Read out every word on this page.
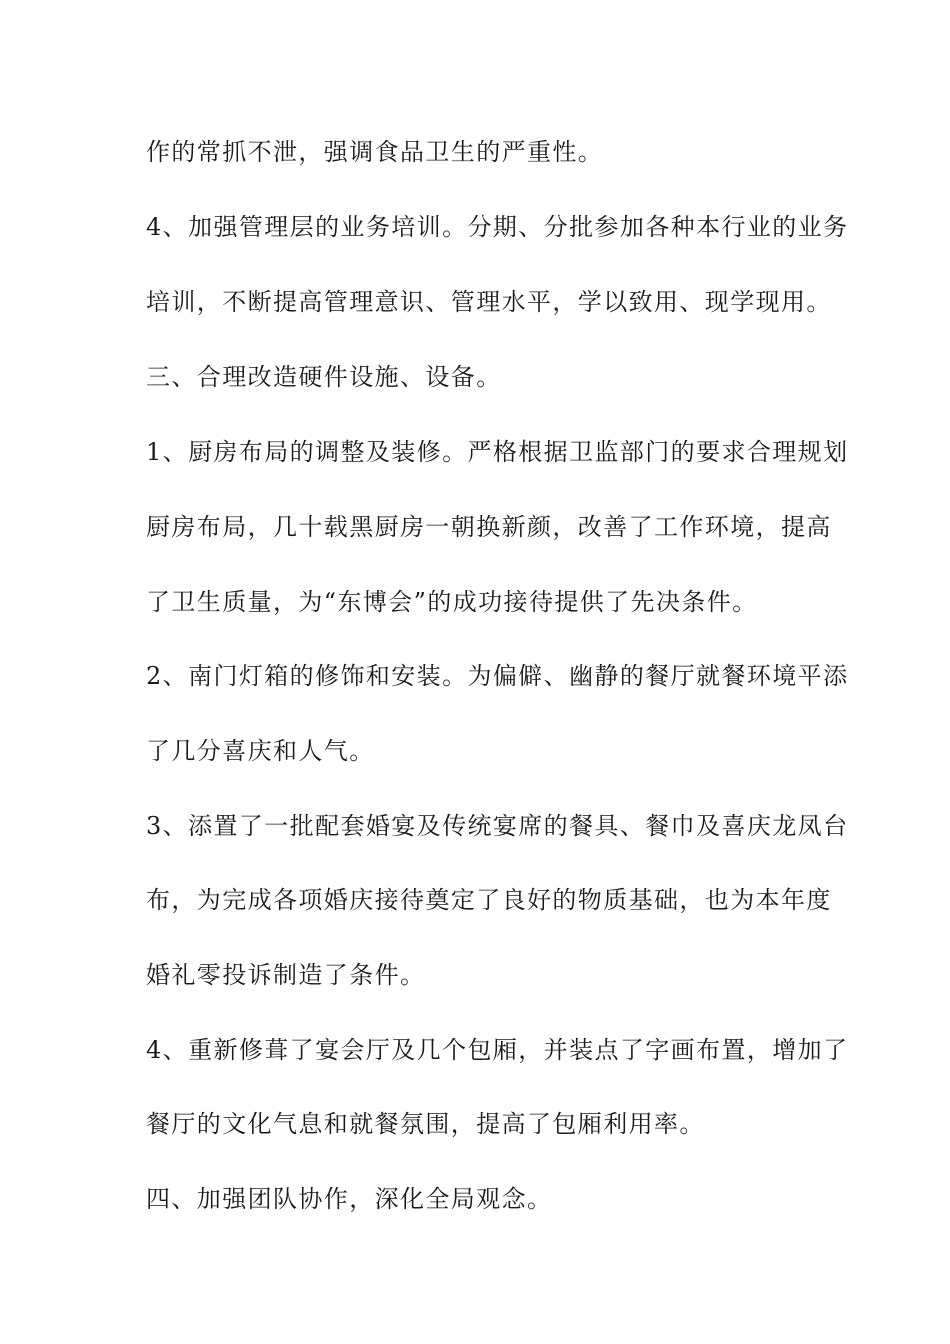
作的常抓不泄，强调食品卫生的严重性。
4、加强管理层的业务培训。分期、分批参加各种本行业的业务
培训，不断提高管理意识、管理水平，学以致用、现学现用。
三、合理改造硬件设施、设备。
1、厨房布局的调整及装修。严格根据卫监部门的要求合理规划
厨房布局，几十载黑厨房一朝换新颜，改善了工作环境，提高
了卫生质量，为“东博会”的成功接待提供了先决条件。
2、南门灯箱的修饰和安装。为偏僻、幽静的餐厅就餐环境平添
了几分喜庆和人气。
3、添置了一批配套婚宴及传统宴席的餐具、餐巾及喜庆龙凤台
布，为完成各项婚庆接待奠定了良好的物质基础，也为本年度
婚礼零投诉制造了条件。
4、重新修葺了宴会厅及几个包厢，并装点了字画布置，增加了
餐厅的文化气息和就餐氛围，提高了包厢利用率。
四、加强团队协作，深化全局观念。
